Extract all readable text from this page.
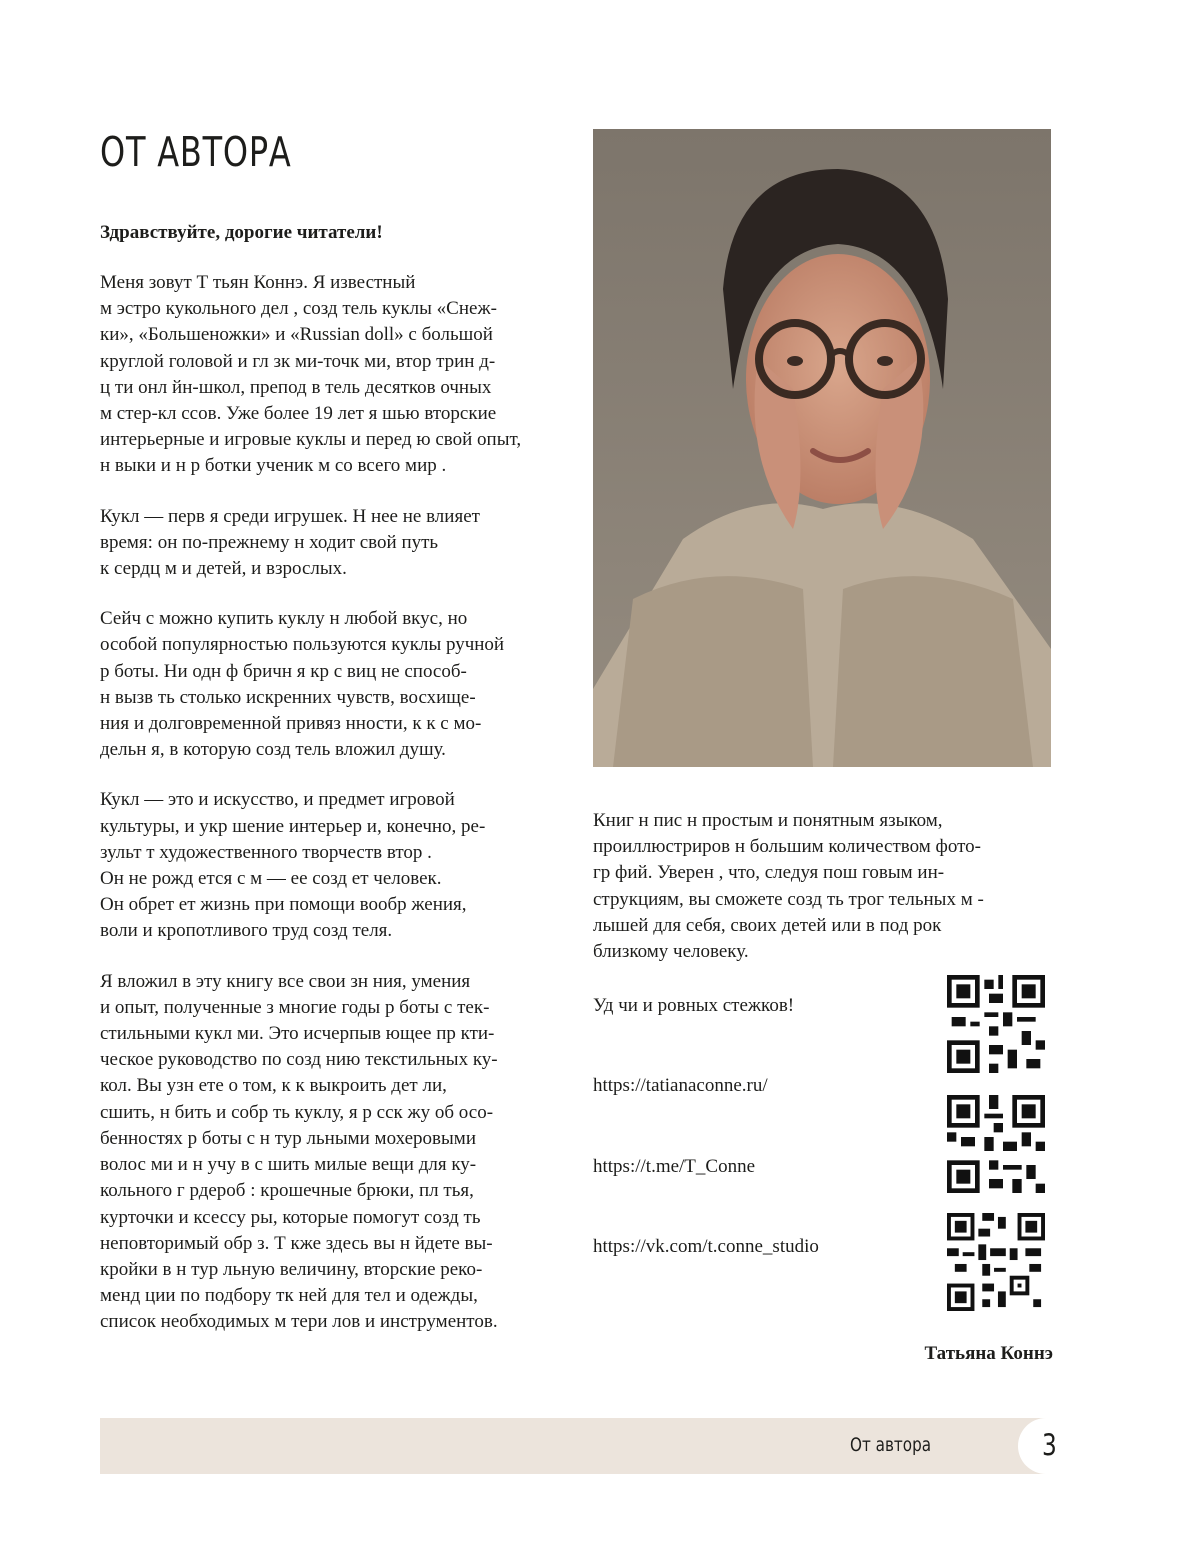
ОТ АВТОРА

Здравствуйте, дорогие читатели!

Меня зовут Т тьян Коннэ. Я известный
м эстро кукольного дел , созд тель куклы «Снеж-
ки», «Большеножки» и «Russian doll» с большой
круглой головой и гл зк ми-точк ми, втор трин д-
ц ти онл йн-школ, препод в тель десятков очных
м стер-кл ссов. Уже более 19 лет я шью вторские
интерьерные и игровые куклы и перед ю свой опыт,
н выки и н р ботки ученик м со всего мир .

Кукл — перв я среди игрушек. Н нее не влияет
время: он по-прежнему н ходит свой путь
к сердц м и детей, и взрослых.

Сейч с можно купить куклу н любой вкус, но
особой популярностью пользуются куклы ручной
р боты. Ни одн ф бричн я кр с виц не способ-
н вызв ть столько искренних чувств, восхище-
ния и долговременной привяз нности, к к с мо-
дельн я, в которую созд тель вложил душу.

Кукл — это и искусство, и предмет игровой
культуры, и укр шение интерьер и, конечно, ре-
зульт т художественного творчеств втор .
Он не рожд ется с м — ее созд ет человек.
Он обрет ет жизнь при помощи вообр жения,
воли и кропотливого труд созд теля.

Я вложил в эту книгу все свои зн ния, умения
и опыт, полученные з многие годы р боты с тек-
стильными кукл ми. Это исчерпыв ющее пр кти-
ческое руководство по созд нию текстильных ку-
кол. Вы узн ете о том, к к выкроить дет ли,
сшить, н бить и собр ть куклу, я р сск жу об осо-
бенностях р боты с н тур льными мохеровыми
волос ми и н учу в с шить милые вещи для ку-
кольного г рдероб : крошечные брюки, пл тья,
курточки и ксессу ры, которые помогут созд ть
неповторимый обр з. Т кже здесь вы н йдете вы-
кройки в н тур льную величину, вторские реко-
менд ции по подбору тк ней для тел и одежды,
список необходимых м тери лов и инструментов.

Книг н пис н простым и понятным языком,
проиллюстриров н большим количеством фото-
гр фий. Уверен , что, следуя пош говым ин-
струкциям, вы сможете созд ть трог тельных м -
лышей для себя, своих детей или в под рок
близкому человеку.

Уд чи и ровных стежков!
https://tatianaconne.ru/
https://t.me/T_Conne
https://vk.com/t.conne_studio
Татьяна Коннэ
От автора	3
